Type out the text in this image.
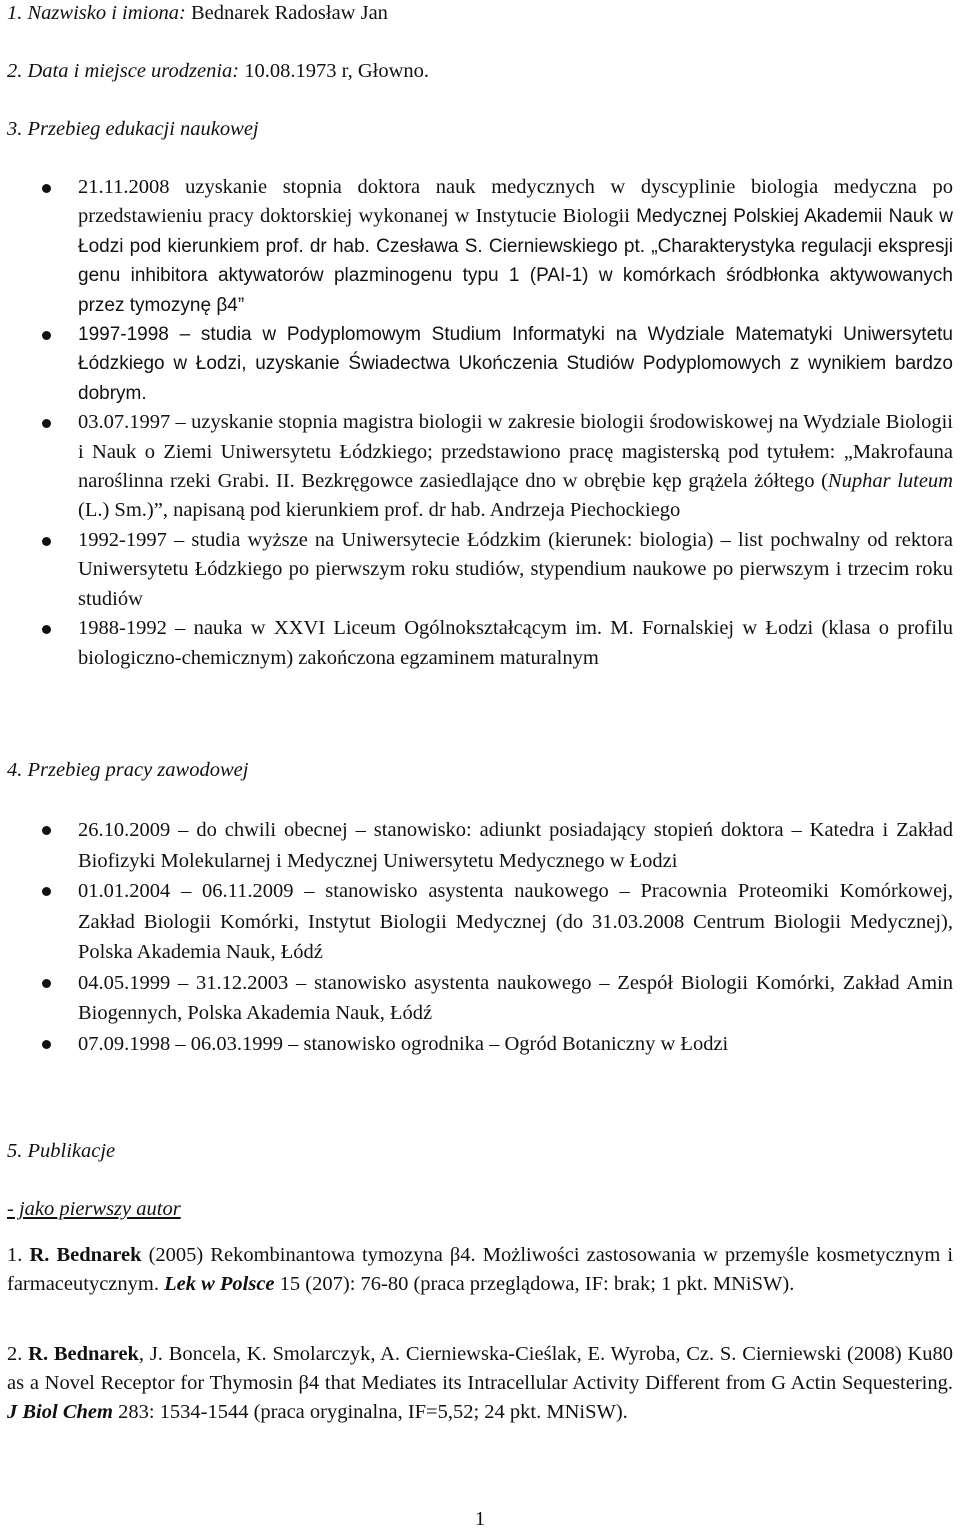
1. Nazwisko i imiona: Bednarek Radosław Jan
2. Data i miejsce urodzenia: 10.08.1973 r, Głowno.
3. Przebieg edukacji naukowej
21.11.2008 uzyskanie stopnia doktora nauk medycznych w dyscyplinie biologia medyczna po przedstawieniu pracy doktorskiej wykonanej w Instytucie Biologii Medycznej Polskiej Akademii Nauk w Łodzi pod kierunkiem prof. dr hab. Czesława S. Cierniewskiego pt. „Charakterystyka regulacji ekspresji genu inhibitora aktywatorów plazminogenu typu 1 (PAI-1) w komórkach śródbłonka aktywowanych przez tymozynę β4”
1997-1998 – studia w Podyplomowym Studium Informatyki na Wydziale Matematyki Uniwersytetu Łódzkiego w Łodzi, uzyskanie Świadectwa Ukończenia Studiów Podyplomowych z wynikiem bardzo dobrym.
03.07.1997 – uzyskanie stopnia magistra biologii w zakresie biologii środowiskowej na Wydziale Biologii i Nauk o Ziemi Uniwersytetu Łódzkiego; przedstawiono pracę magisterską pod tytułem: „Makrofauna naroślinna rzeki Grabi. II. Bezkręgowce zasiedlające dno w obrębie kęp grążela żółtego (Nuphar luteum (L.) Sm.)”, napisaną pod kierunkiem prof. dr hab. Andrzeja Piechockiego
1992-1997 – studia wyższe na Uniwersytecie Łódzkim (kierunek: biologia) – list pochwalny od rektora Uniwersytetu Łódzkiego po pierwszym roku studiów, stypendium naukowe po pierwszym i trzecim roku studiów
1988-1992 – nauka w XXVI Liceum Ogólnokształcącym im. M. Fornalskiej w Łodzi (klasa o profilu biologiczno-chemicznym) zakończona egzaminem maturalnym
4. Przebieg pracy zawodowej
26.10.2009 – do chwili obecnej – stanowisko: adiunkt posiadający stopień doktora – Katedra i Zakład Biofizyki Molekularnej i Medycznej Uniwersytetu Medycznego w Łodzi
01.01.2004 – 06.11.2009 – stanowisko asystenta naukowego – Pracownia Proteomiki Komórkowej, Zakład Biologii Komórki, Instytut Biologii Medycznej (do 31.03.2008 Centrum Biologii Medycznej), Polska Akademia Nauk, Łódź
04.05.1999 – 31.12.2003 – stanowisko asystenta naukowego – Zespół Biologii Komórki, Zakład Amin Biogennych, Polska Akademia Nauk, Łódź
07.09.1998 – 06.03.1999 – stanowisko ogrodnika – Ogród Botaniczny w Łodzi
5. Publikacje
- jako pierwszy autor

1. R. Bednarek (2005) Rekombinantowa tymozyna β4. Możliwości zastosowania w przemyśle kosmetycznym i farmaceutycznym. Lek w Polsce 15 (207): 76-80 (praca przeglądowa, IF: brak; 1 pkt. MNiSW).

2. R. Bednarek, J. Boncela, K. Smolarczyk, A. Cierniewska-Cieślak, E. Wyroba, Cz. S. Cierniewski (2008) Ku80 as a Novel Receptor for Thymosin β4 that Mediates its Intracellular Activity Different from G Actin Sequestering. J Biol Chem 283: 1534-1544 (praca oryginalna, IF=5,52; 24 pkt. MNiSW).

1
